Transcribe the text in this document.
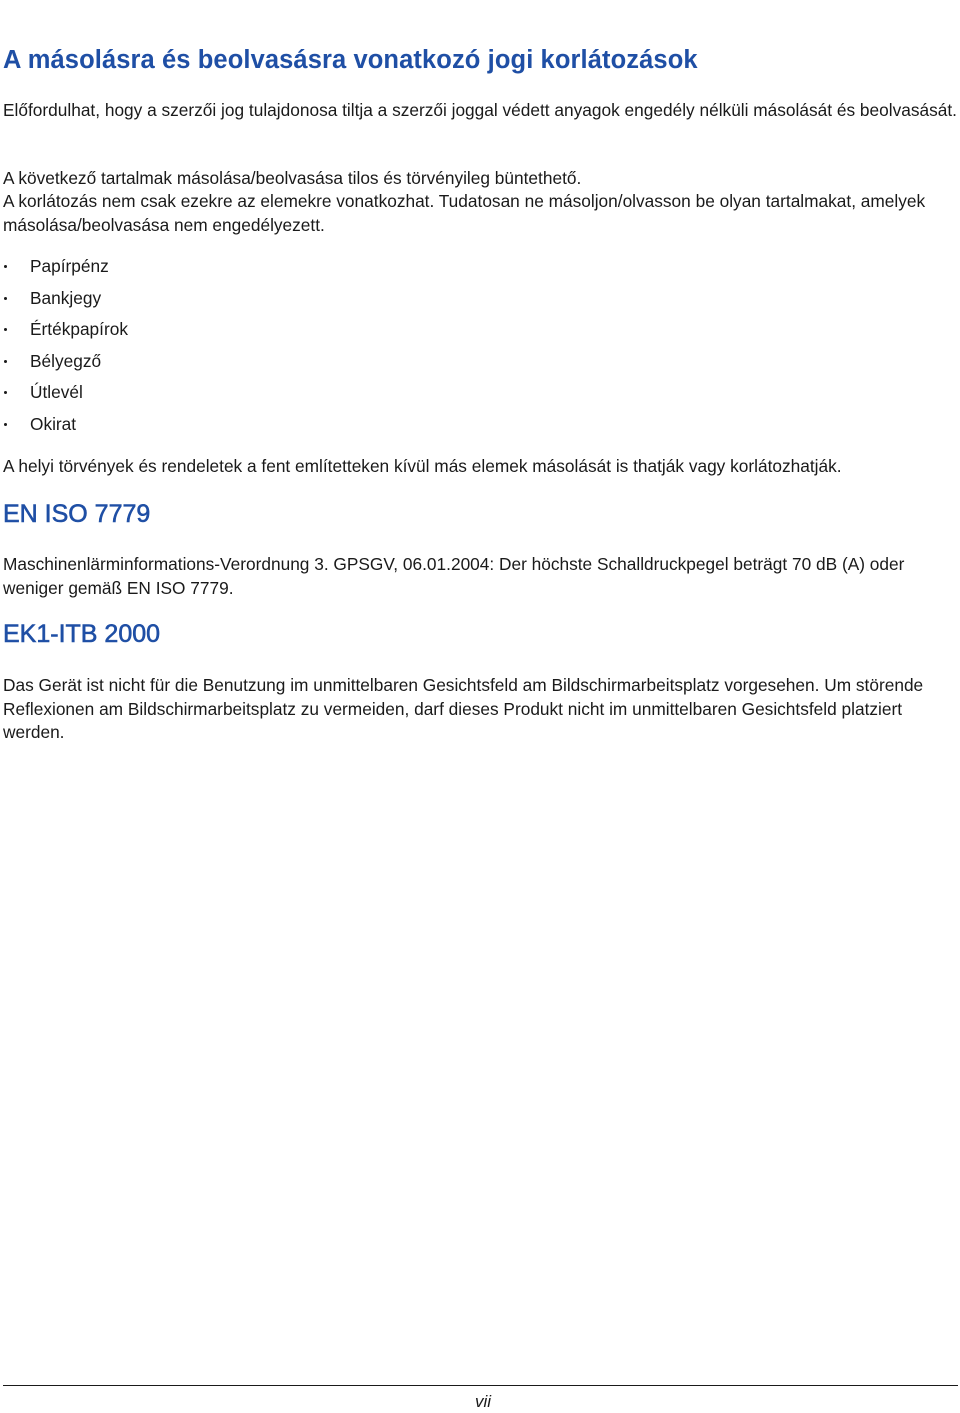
A másolásra és beolvasásra vonatkozó jogi korlátozások

Előfordulhat, hogy a szerzői jog tulajdonosa tiltja a szerzői joggal védett anyagok engedély nélküli másolását és beolvasását.

A következő tartalmak másolása/beolvasása tilos és törvényileg büntethető.

A korlátozás nem csak ezekre az elemekre vonatkozhat. Tudatosan ne másoljon/olvasson be olyan tartalmakat, amelyek másolása/beolvasása nem engedélyezett.

Papírpénz
Bankjegy
Értékpapírok
Bélyegző
Útlevél
Okirat

A helyi törvények és rendeletek a fent említetteken kívül más elemek másolását is thatják vagy korlátozhatják.

EN ISO 7779

Maschinenlärminformations-Verordnung 3. GPSGV, 06.01.2004: Der höchste Schalldruckpegel beträgt 70 dB (A) oder weniger gemäß EN ISO 7779.

EK1-ITB 2000

Das Gerät ist nicht für die Benutzung im unmittelbaren Gesichtsfeld am Bildschirmarbeitsplatz vorgesehen. Um störende Reflexionen am Bildschirmarbeitsplatz zu vermeiden, darf dieses Produkt nicht im unmittelbaren Gesichtsfeld platziert werden.

vii
